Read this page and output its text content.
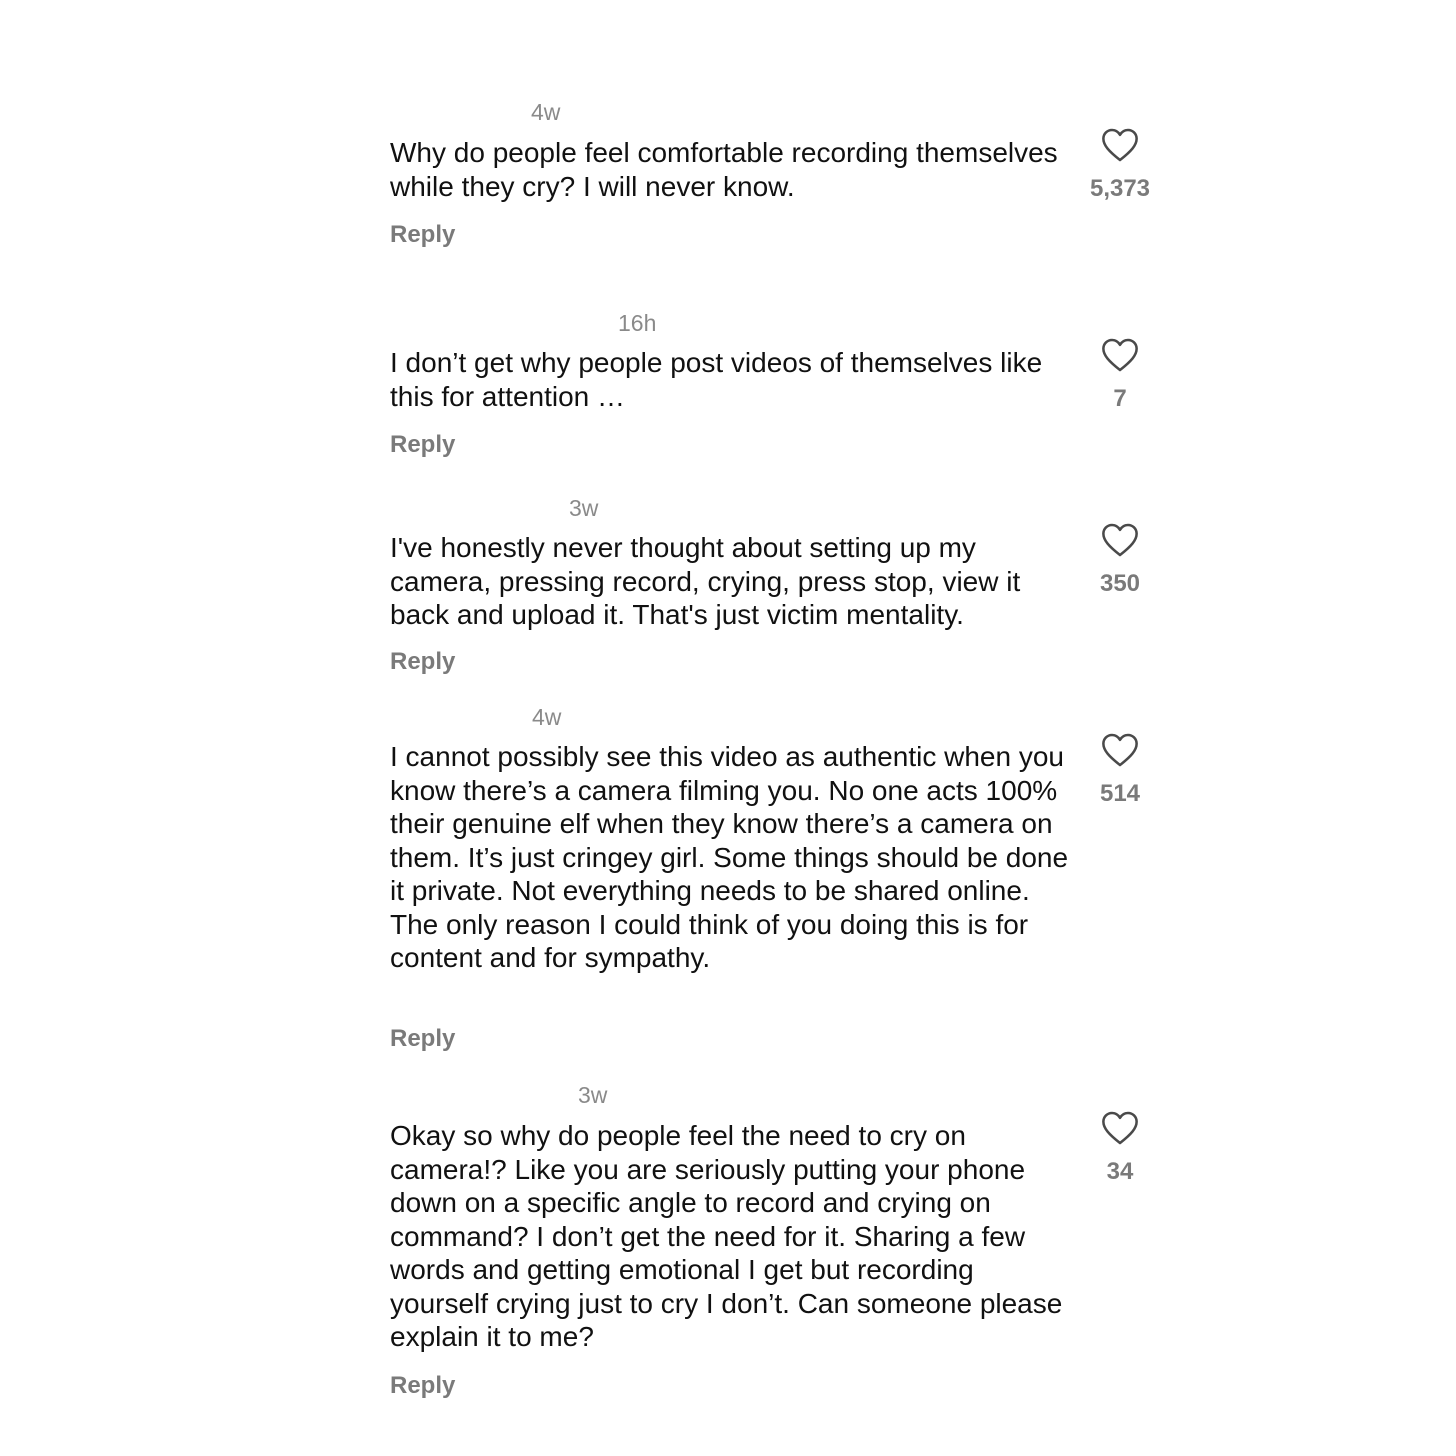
4w

Why do people feel comfortable recording themselves while they cry? I will never know.

Reply
5,373
16h

I don’t get why people post videos of themselves like this for attention …

Reply
7
3w

I've honestly never thought about setting up my camera, pressing record, crying, press stop, view it back and upload it. That's just victim mentality.

Reply
350
4w

I cannot possibly see this video as authentic when you know there’s a camera filming you. No one acts 100% their genuine elf when they know there’s a camera on them. It’s just cringey girl. Some things should be done it private. Not everything needs to be shared online. The only reason I could think of you doing this is for content and for sympathy.

Reply
514
3w

Okay so why do people feel the need to cry on camera!? Like you are seriously putting your phone down on a specific angle to record and crying on command? I don’t get the need for it. Sharing a few words and getting emotional I get but recording yourself crying just to cry I don’t. Can someone please explain it to me?

Reply
34
